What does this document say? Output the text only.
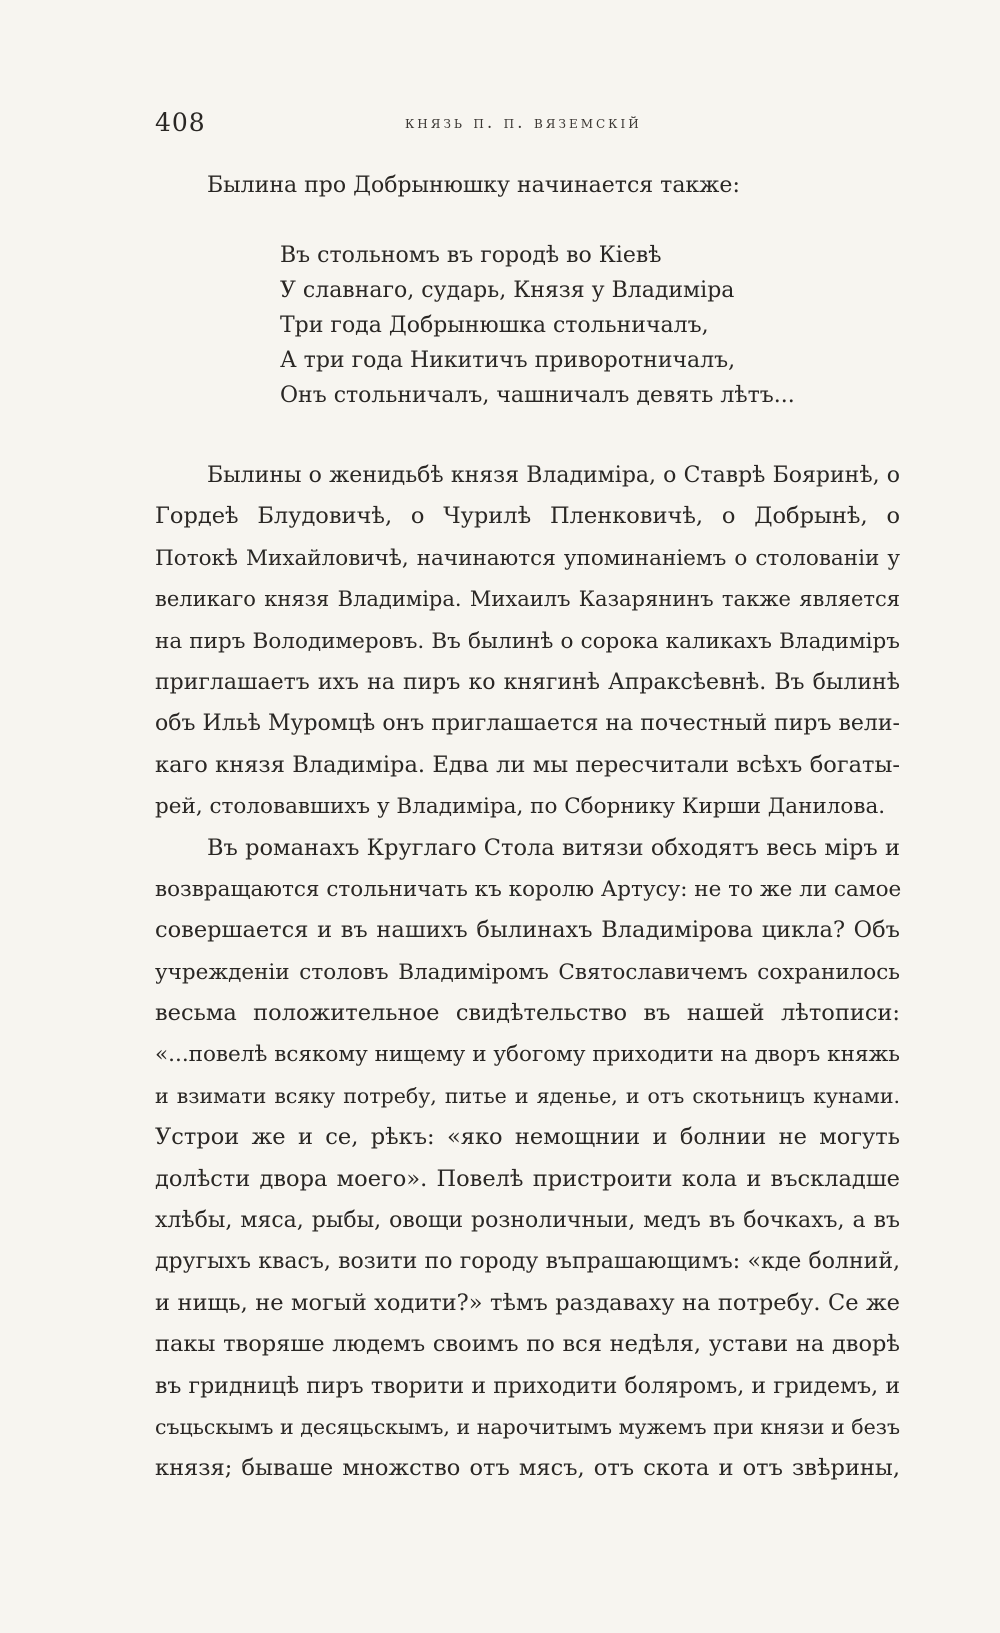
408	князь п. п. вяземскій
Былина про Добрынюшку начинается также:
Въ стольномъ въ городѣ во Кіевѣ
У славнаго, сударь, Князя у Владиміра
Три года Добрынюшка стольничалъ,
А три года Никитичъ приворотничалъ,
Онъ стольничалъ, чашничалъ девять лѣтъ...
Былины о женидьбѣ князя Владиміра, о Ставрѣ Бояринѣ, о
Гордеѣ Блудовичѣ, о Чурилѣ Пленковичѣ, о Добрынѣ, о
Потокѣ Михайловичѣ, начинаются упоминаніемъ о столованіи у
великаго князя Владиміра. Михаилъ Казарянинъ также является
на пиръ Володимеровъ. Въ былинѣ о сорока каликахъ Владиміръ
приглашаетъ ихъ на пиръ ко княгинѣ Апраксѣевнѣ. Въ былинѣ
объ Ильѣ Муромцѣ онъ приглашается на почестный пиръ вели-
каго князя Владиміра. Едва ли мы пересчитали всѣхъ богаты-
рей, столовавшихъ у Владиміра, по Сборнику Кирши Данилова.
Въ романахъ Круглаго Стола витязи обходятъ весь міръ и
возвращаются стольничать къ королю Артусу: не то же ли самое
совершается и въ нашихъ былинахъ Владимірова цикла? Объ
учрежденіи столовъ Владиміромъ Святославичемъ сохранилось
весьма положительное свидѣтельство въ нашей лѣтописи:
«...повелѣ всякому нищему и убогому приходити на дворъ княжь
и взимати всяку потребу, питье и яденье, и отъ скотьницъ кунами.
Устрои же и се, рѣкъ: «яко немощнии и болнии не могуть
долѣсти двора моего». Повелѣ пристроити кола и въскладше
хлѣбы, мяса, рыбы, овощи розноличныи, медъ въ бочкахъ, а въ
другыхъ квасъ, возити по городу въпрашающимъ: «кде болний,
и нищь, не могый ходити?» тѣмъ раздаваху на потребу. Се же
пакы творяше людемъ своимъ по вся недѣля, устави на дворѣ
въ гридницѣ пиръ творити и приходити боляромъ, и гридемъ, и
съцьскымъ и десяцьскымъ, и нарочитымъ мужемъ при князи и безъ
князя; бываше множство отъ мясъ, отъ скота и отъ звѣрины,
